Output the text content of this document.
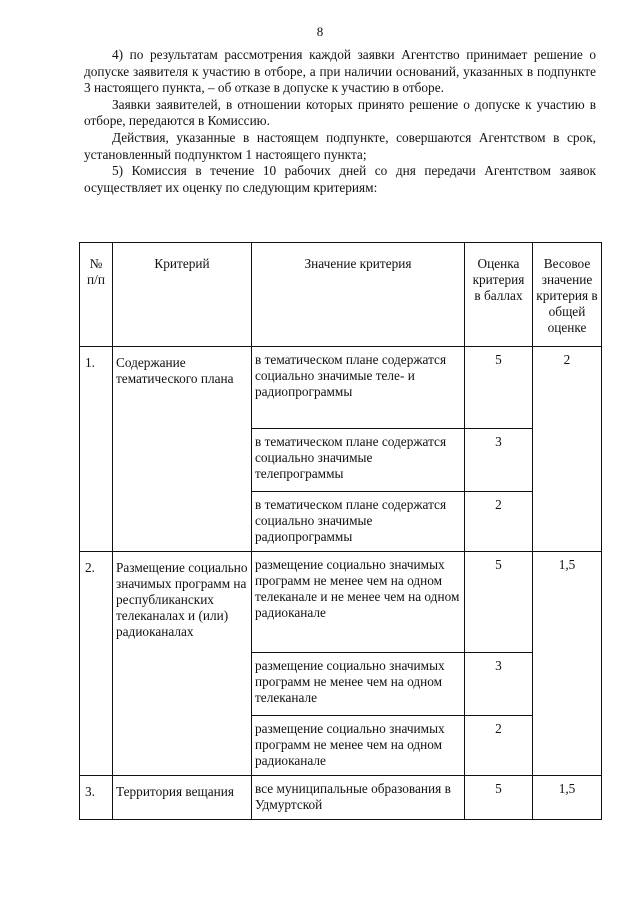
8

4) по результатам рассмотрения каждой заявки Агентство принимает решение о допуске заявителя к участию в отборе, а при наличии оснований, указанных в подпункте 3 настоящего пункта, – об отказе в допуске к участию в отборе.

Заявки заявителей, в отношении которых принято решение о допуске к участию в отборе, передаются в Комиссию.

Действия, указанные в настоящем подпункте, совершаются Агентством в срок, установленный подпунктом 1 настоящего пункта;

5) Комиссия в течение 10 рабочих дней со дня передачи Агентством заявок осуществляет их оценку по следующим критериям:

№ п/п	Критерий	Значение критерия	Оценка критерия в баллах	Весовое значение критерия в общей оценке
1.	Содержание тематического плана	в тематическом плане содержатся социально значимые теле- и радиопрограммы	5	2
		в тематическом плане содержатся социально значимые телепрограммы	3	
		в тематическом плане содержатся социально значимые радиопрограммы	2	
2.	Размещение социально значимых программ на республиканских телеканалах и (или) радиоканалах	размещение социально значимых программ не менее чем на одном телеканале и не менее чем на одном радиоканале	5	1,5
		размещение социально значимых программ не менее чем на одном телеканале	3	
		размещение социально значимых программ не менее чем на одном радиоканале	2	
3.	Территория вещания	все муниципальные образования в Удмуртской	5	1,5
